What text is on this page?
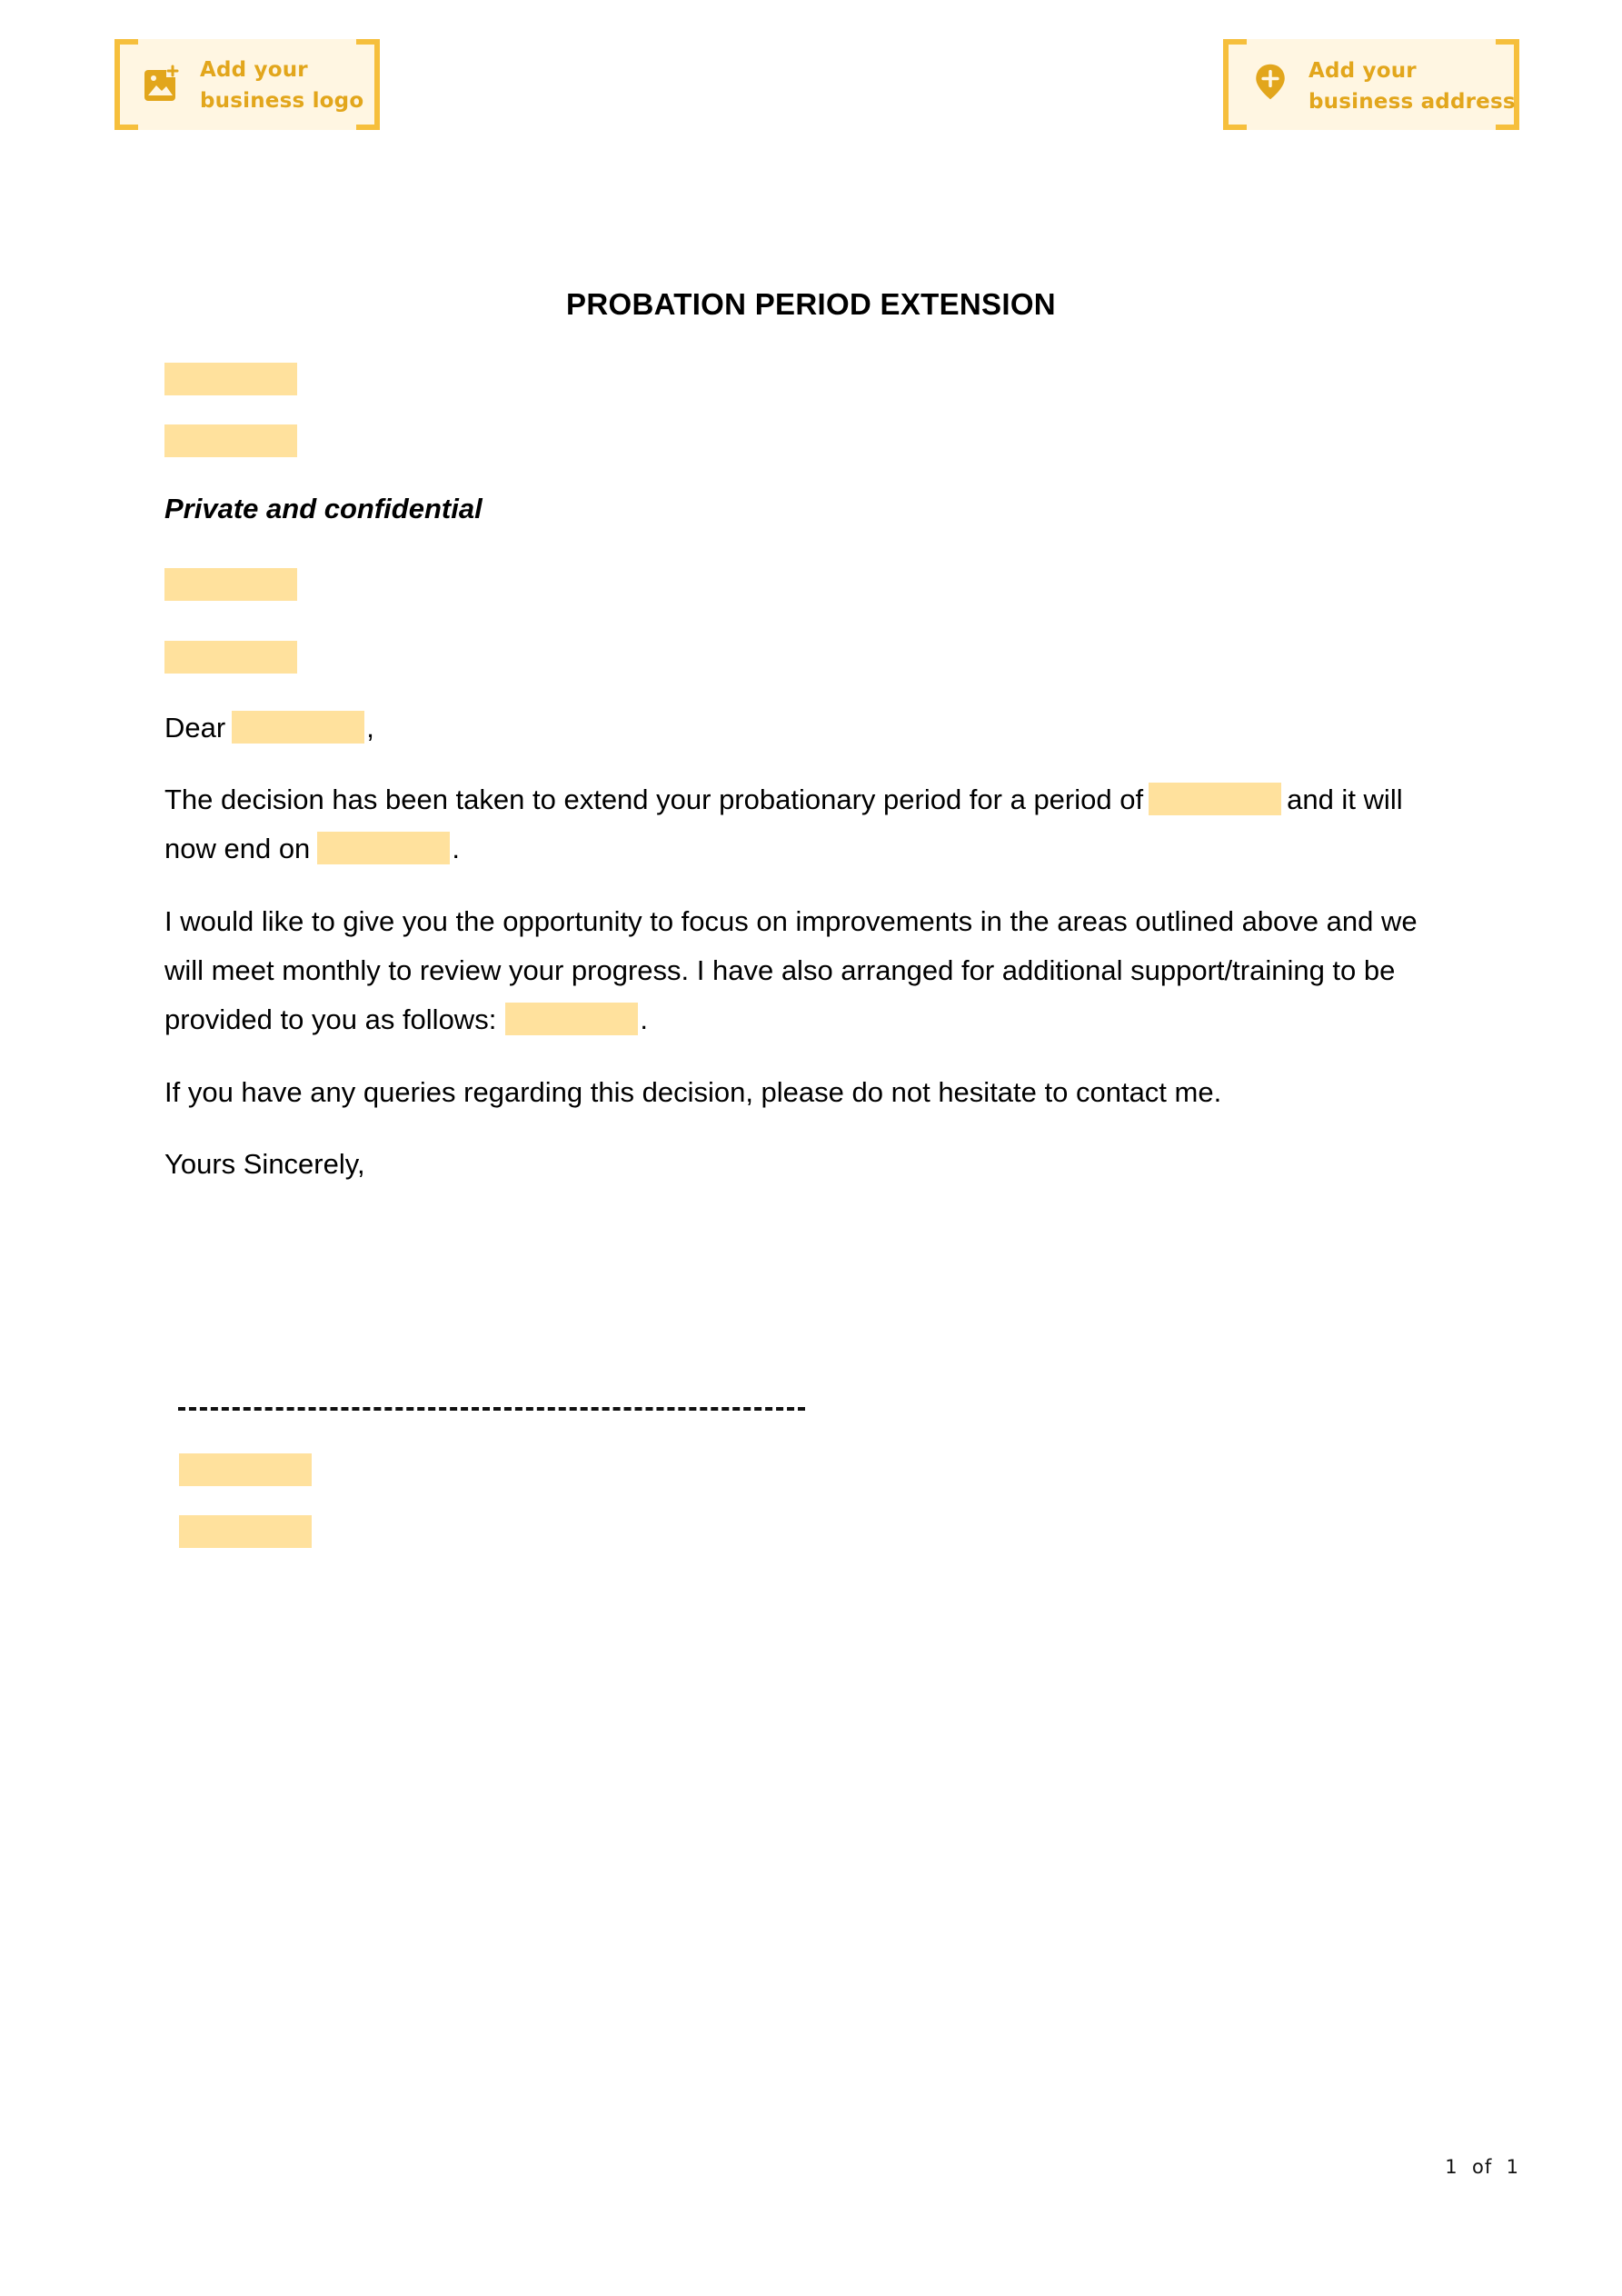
Add your
business logo
Add your
business address
PROBATION PERIOD EXTENSION
Private and confidential
Dear	,
The decision has been taken to extend your probationary period for a period of	and it will now end on	.
I would like to give you the opportunity to focus on improvements in the areas outlined above and we will meet monthly to review your progress. I have also arranged for additional support/training to be provided to you as follows:	.
If you have any queries regarding this decision, please do not hesitate to contact me.
Yours Sincerely,
1 of 1
